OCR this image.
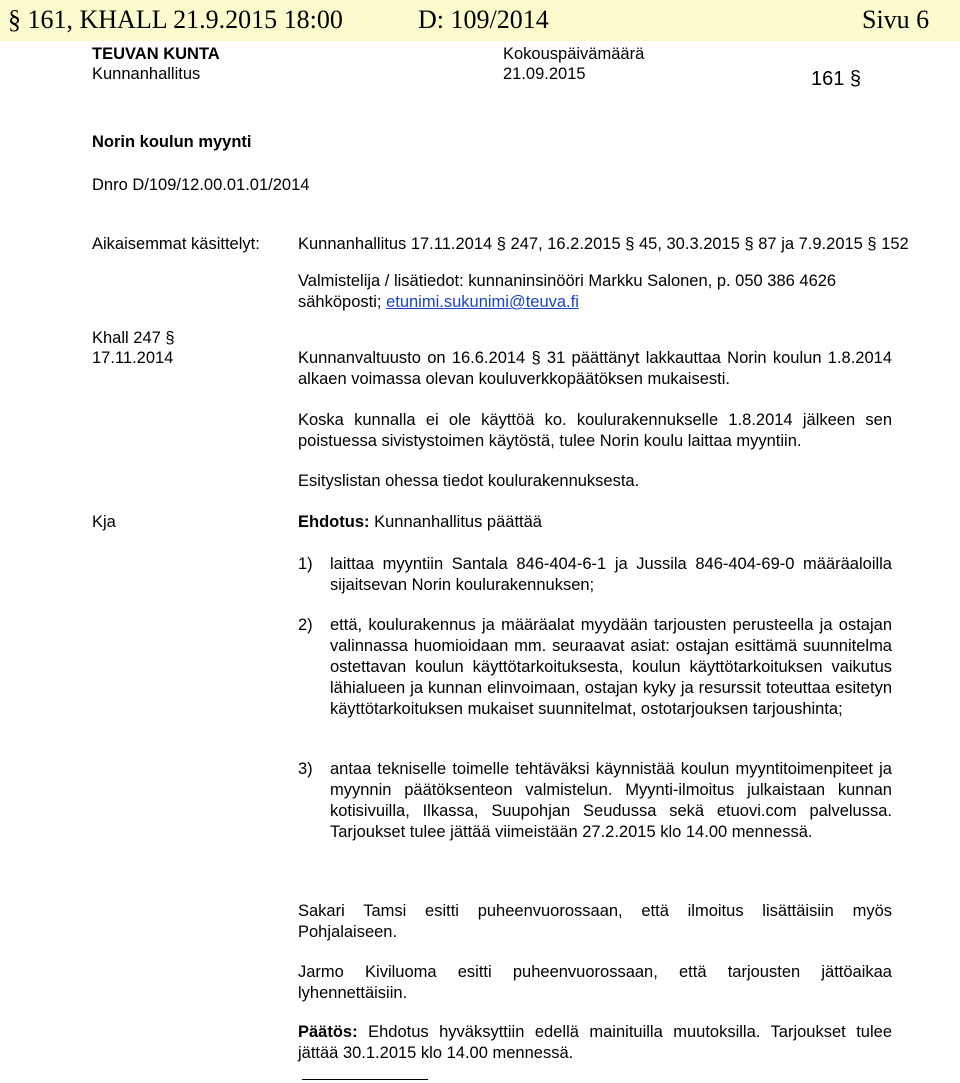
§ 161, KHALL 21.9.2015 18:00	D: 109/2014	Sivu 6
TEUVAN KUNTA
Kunnanhallitus
Kokouspäivämäärä
21.09.2015	161 §
Norin koulun myynti
Dnro D/109/12.00.01.01/2014
Aikaisemmat käsittelyt: Kunnanhallitus 17.11.2014 § 247, 16.2.2015 § 45, 30.3.2015 § 87 ja 7.9.2015 § 152
Valmistelija / lisätiedot: kunnaninsinööri Markku Salonen, p. 050 386 4626
sähköposti; etunimi.sukunimi@teuva.fi
Khall 247 §
17.11.2014	Kunnanvaltuusto on 16.6.2014 § 31 päättänyt lakkauttaa Norin koulun 1.8.2014 alkaen voimassa olevan kouluverkkopäätöksen mukaisesti.
Koska kunnalla ei ole käyttöä ko. koulurakennukselle 1.8.2014 jälkeen sen poistuessa sivistystoimen käytöstä, tulee Norin koulu laittaa myyntiin.
Esityslistan ohessa tiedot koulurakennuksesta.
Kja	Ehdotus: Kunnanhallitus päättää
1) laittaa myyntiin Santala 846-404-6-1 ja Jussila 846-404-69-0 määräaloilla sijaitsevan Norin koulurakennuksen;
2) että, koulurakennus ja määräalat myydään tarjousten perusteella ja ostajan valinnassa huomioidaan mm. seuraavat asiat: ostajan esittämä suunnitelma ostettavan koulun käyttötarkoituksesta, koulun käyttötarkoituksen vaikutus lähialueen ja kunnan elinvoimaan, ostajan kyky ja resurssit toteuttaa esitetyn käyttötarkoituksen mukaiset suunnitelmat, ostotarjouksen tarjoushinta;
3) antaa tekniselle toimelle tehtäväksi käynnistää koulun myyntitoimenpiteet ja myynnin päätöksenteon valmistelun. Myynti-ilmoitus julkaistaan kunnan kotisivuilla, Ilkassa, Suupohjan Seudussa sekä etuovi.com palvelussa. Tarjoukset tulee jättää viimeistään 27.2.2015 klo 14.00 mennessä.
Sakari Tamsi esitti puheenvuorossaan, että ilmoitus lisättäisiin myös Pohjalaiseen.
Jarmo Kiviluoma esitti puheenvuorossaan, että tarjousten jättöaikaa lyhennettäisiin.
Päätös: Ehdotus hyväksyttiin edellä mainituilla muutoksilla. Tarjoukset tulee jättää 30.1.2015 klo 14.00 mennessä.
